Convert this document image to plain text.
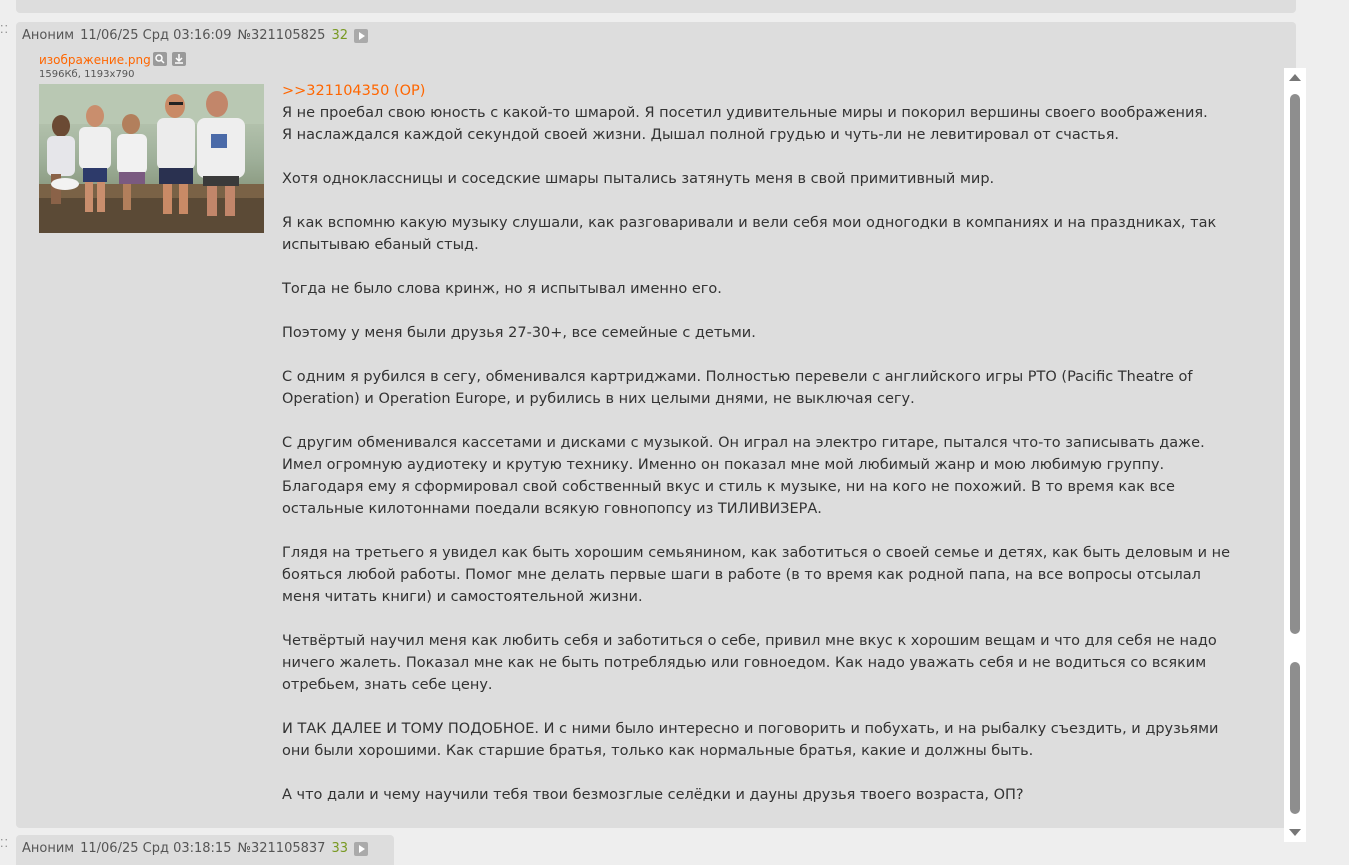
⁚⁚ Аноним 11/06/25 Срд 03:16:09 №321105825 32
изображение.png
1596Кб, 1193x790
>>321104350 (OP)

Я не проебал свою юность с какой-то шмарой. Я посетил удивительные миры и покорил вершины своего воображения.
Я наслаждался каждой секундой своей жизни. Дышал полной грудью и чуть-ли не левитировал от счастья.

Хотя одноклассницы и соседские шмары пытались затянуть меня в свой примитивный мир.

Я как вспомню какую музыку слушали, как разговаривали и вели себя мои одногодки в компаниях и на праздниках, так
испытываю ебаный стыд.

Тогда не было слова кринж, но я испытывал именно его.

Поэтому у меня были друзья 27-30+, все семейные с детьми.

С одним я рубился в сегу, обменивался картриджами. Полностью перевели с английского игры PTO (Pacific Theatre of
Operation) и Operation Europe, и рубились в них целыми днями, не выключая сегу.

С другим обменивался кассетами и дисками с музыкой. Он играл на электро гитаре, пытался что-то записывать даже.
Имел огромную аудиотеку и крутую технику. Именно он показал мне мой любимый жанр и мою любимую группу.
Благодаря ему я сформировал свой собственный вкус и стиль к музыке, ни на кого не похожий. В то время как все
остальные килотоннами поедали всякую говнопопсу из ТИЛИВИЗЕРА.

Глядя на третьего я увидел как быть хорошим семьянином, как заботиться о своей семье и детях, как быть деловым и не
бояться любой работы. Помог мне делать первые шаги в работе (в то время как родной папа, на все вопросы отсылал
меня читать книги) и самостоятельной жизни.

Четвёртый научил меня как любить себя и заботиться о себе, привил мне вкус к хорошим вещам и что для себя не надо
ничего жалеть. Показал мне как не быть потреблядью или говноедом. Как надо уважать себя и не водиться со всяким
отребьем, знать себе цену.

И ТАК ДАЛЕЕ И ТОМУ ПОДОБНОЕ. И с ними было интересно и поговорить и побухать, и на рыбалку съездить, и друзьями
они были хорошими. Как старшие братья, только как нормальные братья, какие и должны быть.

А что дали и чему научили тебя твои безмозглые селёдки и дауны друзья твоего возраста, ОП?

⁚⁚ Аноним 11/06/25 Срд 03:18:15 №321105837 33
